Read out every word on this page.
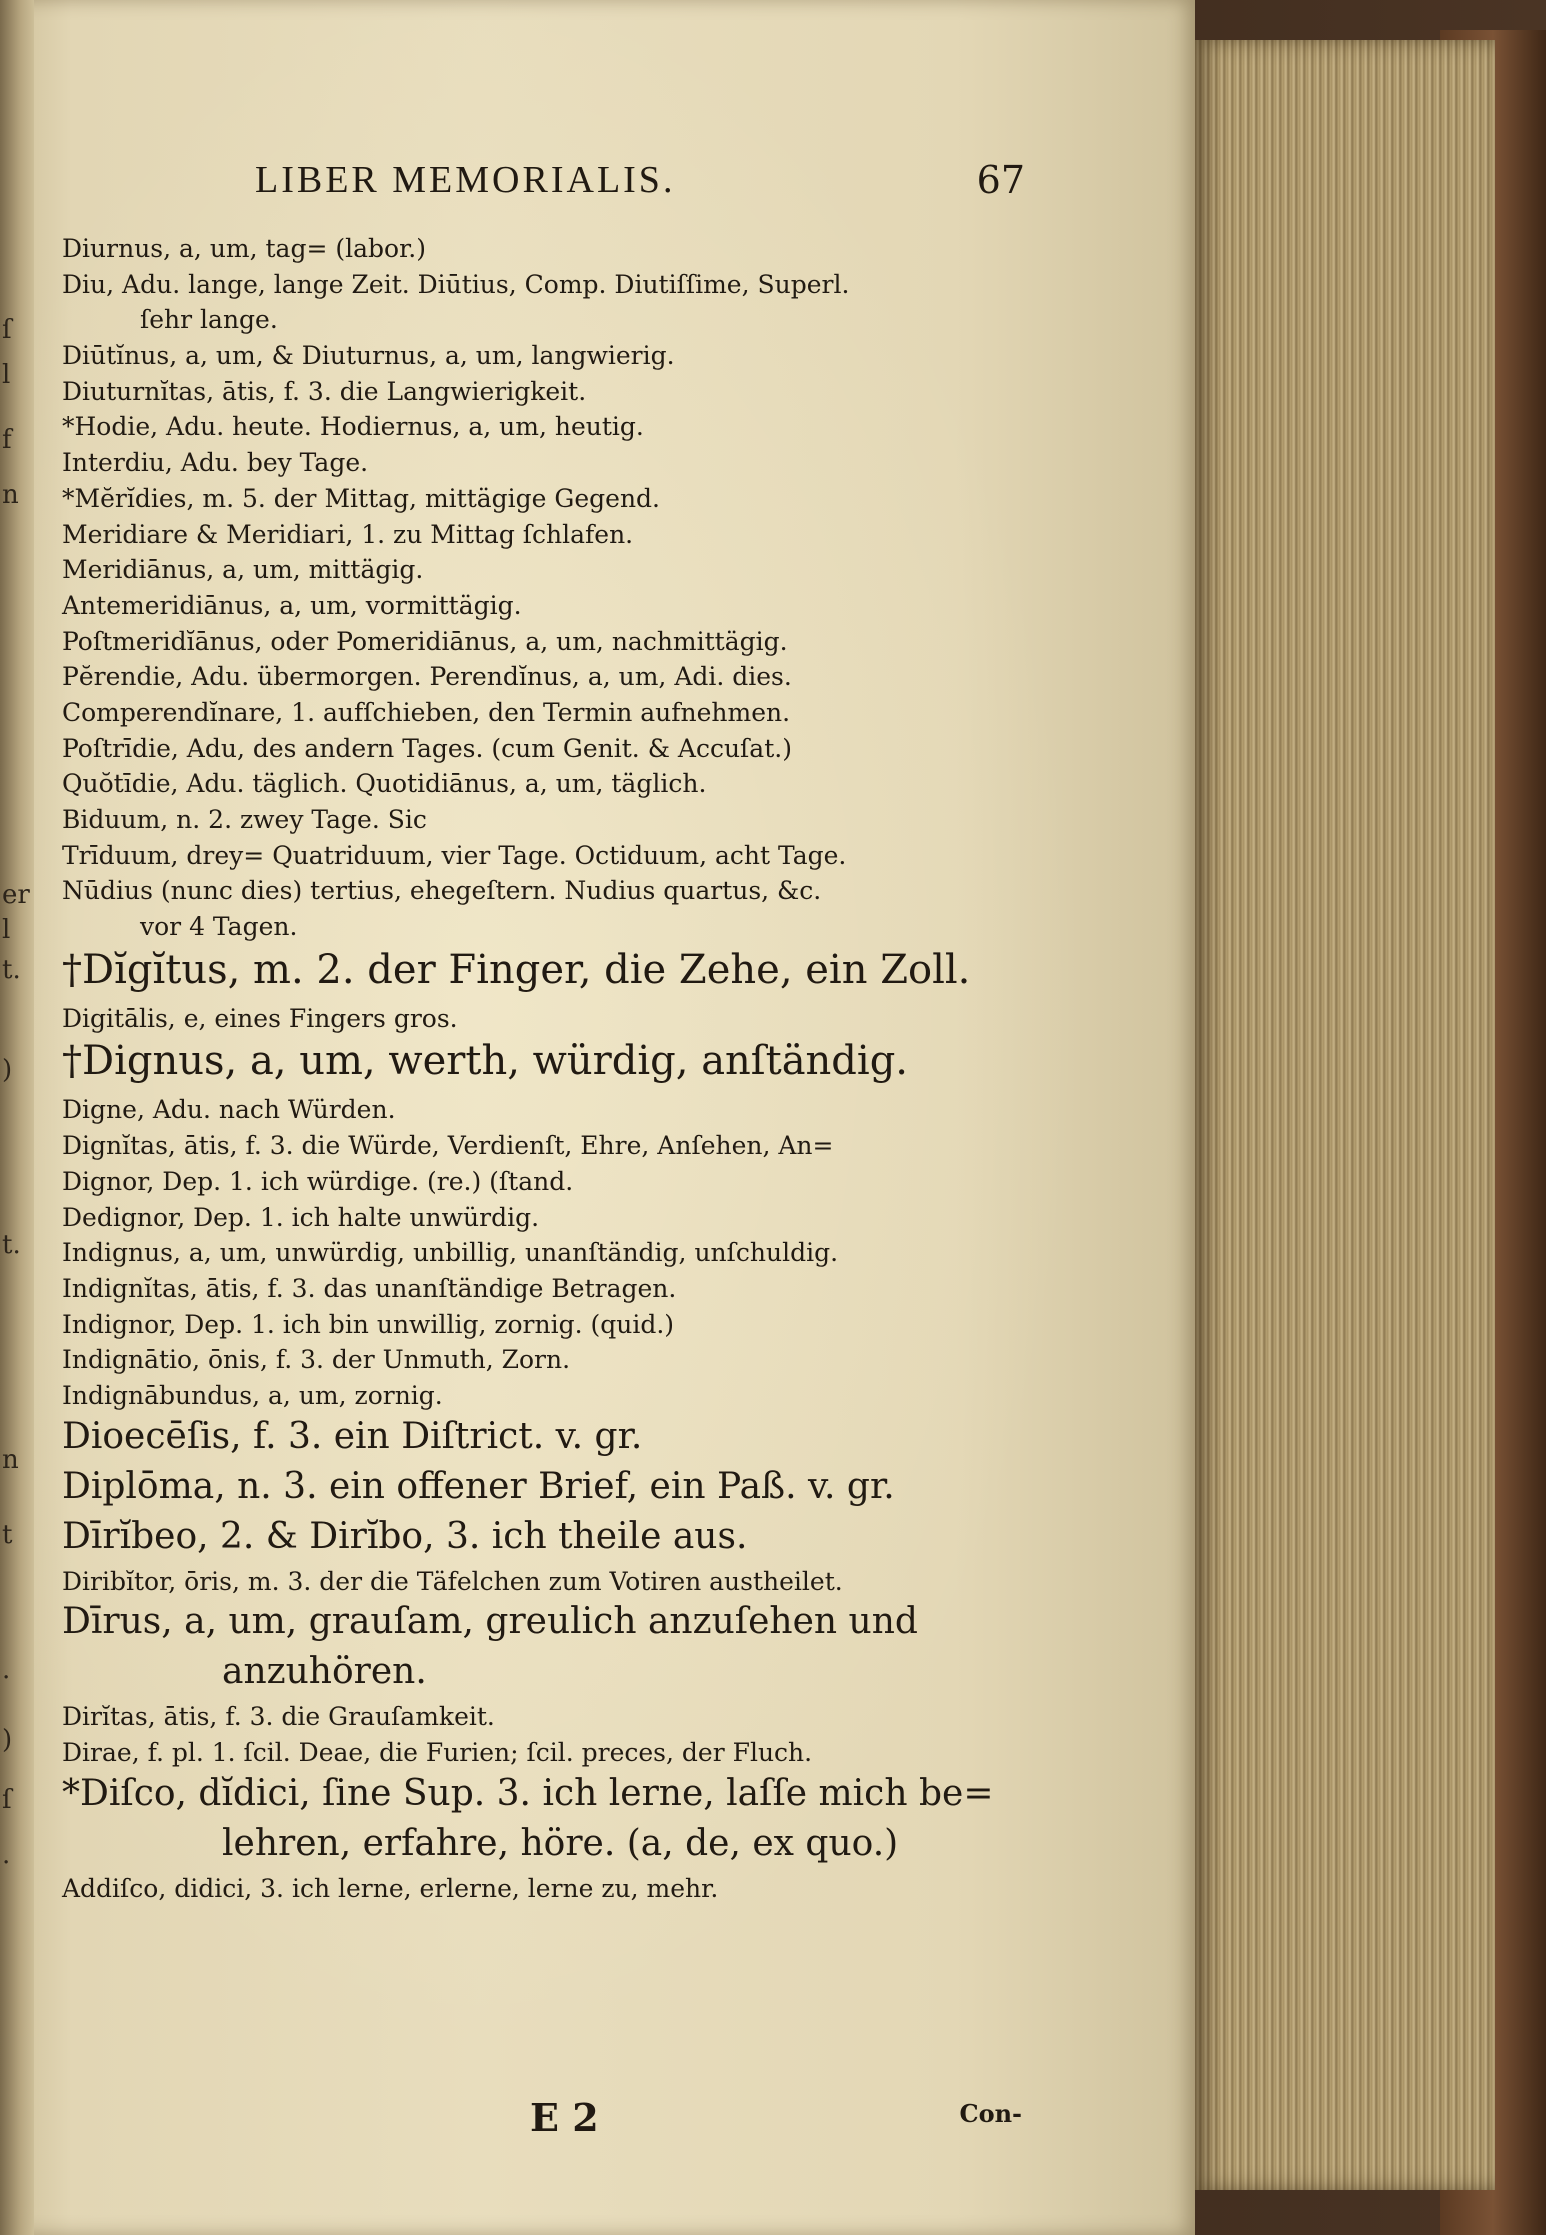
ſ
l
f
n
er
l
t.
)
t.
n
t
.
)
ſ
.
LIBER MEMORIALIS.	67
Diurnus, a, um, tag= (labor.)
Diu, Adu. lange, lange Zeit. Diūtius, Comp. Diutiſſime, Superl.
ſehr lange.
Diūtĭnus, a, um, & Diuturnus, a, um, langwierig.
Diuturnĭtas, ātis, f. 3. die Langwierigkeit.
*Hodie, Adu. heute. Hodiernus, a, um, heutig.
Interdiu, Adu. bey Tage.
*Mĕrĭdies, m. 5. der Mittag, mittägige Gegend.
Meridiare & Meridiari, 1. zu Mittag ſchlafen.
Meridiānus, a, um, mittägig.
Antemeridiānus, a, um, vormittägig.
Poſtmeridĭānus, oder Pomeridiānus, a, um, nachmittägig.
Pĕrendie, Adu. übermorgen. Perendĭnus, a, um, Adi. dies.
Comperendĭnare, 1. aufſchieben, den Termin aufnehmen.
Poſtrīdie, Adu, des andern Tages. (cum Genit. & Accuſat.)
Quŏtīdie, Adu. täglich. Quotidiānus, a, um, täglich.
Biduum, n. 2. zwey Tage. Sic
Trīduum, drey= Quatriduum, vier Tage. Octiduum, acht Tage.
Nūdius (nunc dies) tertius, ehegeſtern. Nudius quartus, &c.
vor 4 Tagen.
†Dĭgĭtus, m. 2. der Finger, die Zehe, ein Zoll.
Digitālis, e, eines Fingers gros.
†Dignus, a, um, werth, würdig, anſtändig.
Digne, Adu. nach Würden.
Dignĭtas, ātis, f. 3. die Würde, Verdienſt, Ehre, Anſehen, An=
Dignor, Dep. 1. ich würdige. (re.) (ſtand.
Dedignor, Dep. 1. ich halte unwürdig.
Indignus, a, um, unwürdig, unbillig, unanſtändig, unſchuldig.
Indignĭtas, ātis, f. 3. das unanſtändige Betragen.
Indignor, Dep. 1. ich bin unwillig, zornig. (quid.)
Indignātio, ōnis, f. 3. der Unmuth, Zorn.
Indignābundus, a, um, zornig.
Dioecēſis, f. 3. ein Diſtrict. v. gr.
Diplōma, n. 3. ein offener Brief, ein Paß. v. gr.
Dīrĭbeo, 2. & Dirĭbo, 3. ich theile aus.
Diribĭtor, ōris, m. 3. der die Täfelchen zum Votiren austheilet.
Dīrus, a, um, grauſam, greulich anzuſehen und
anzuhören.
Dirĭtas, ātis, f. 3. die Grauſamkeit.
Dirae, f. pl. 1. ſcil. Deae, die Furien; ſcil. preces, der Fluch.
*Diſco, dĭdici, ſine Sup. 3. ich lerne, laſſe mich be=
lehren, erfahre, höre. (a, de, ex quo.)
Addiſco, didici, 3. ich lerne, erlerne, lerne zu, mehr.
E 2	Con-
